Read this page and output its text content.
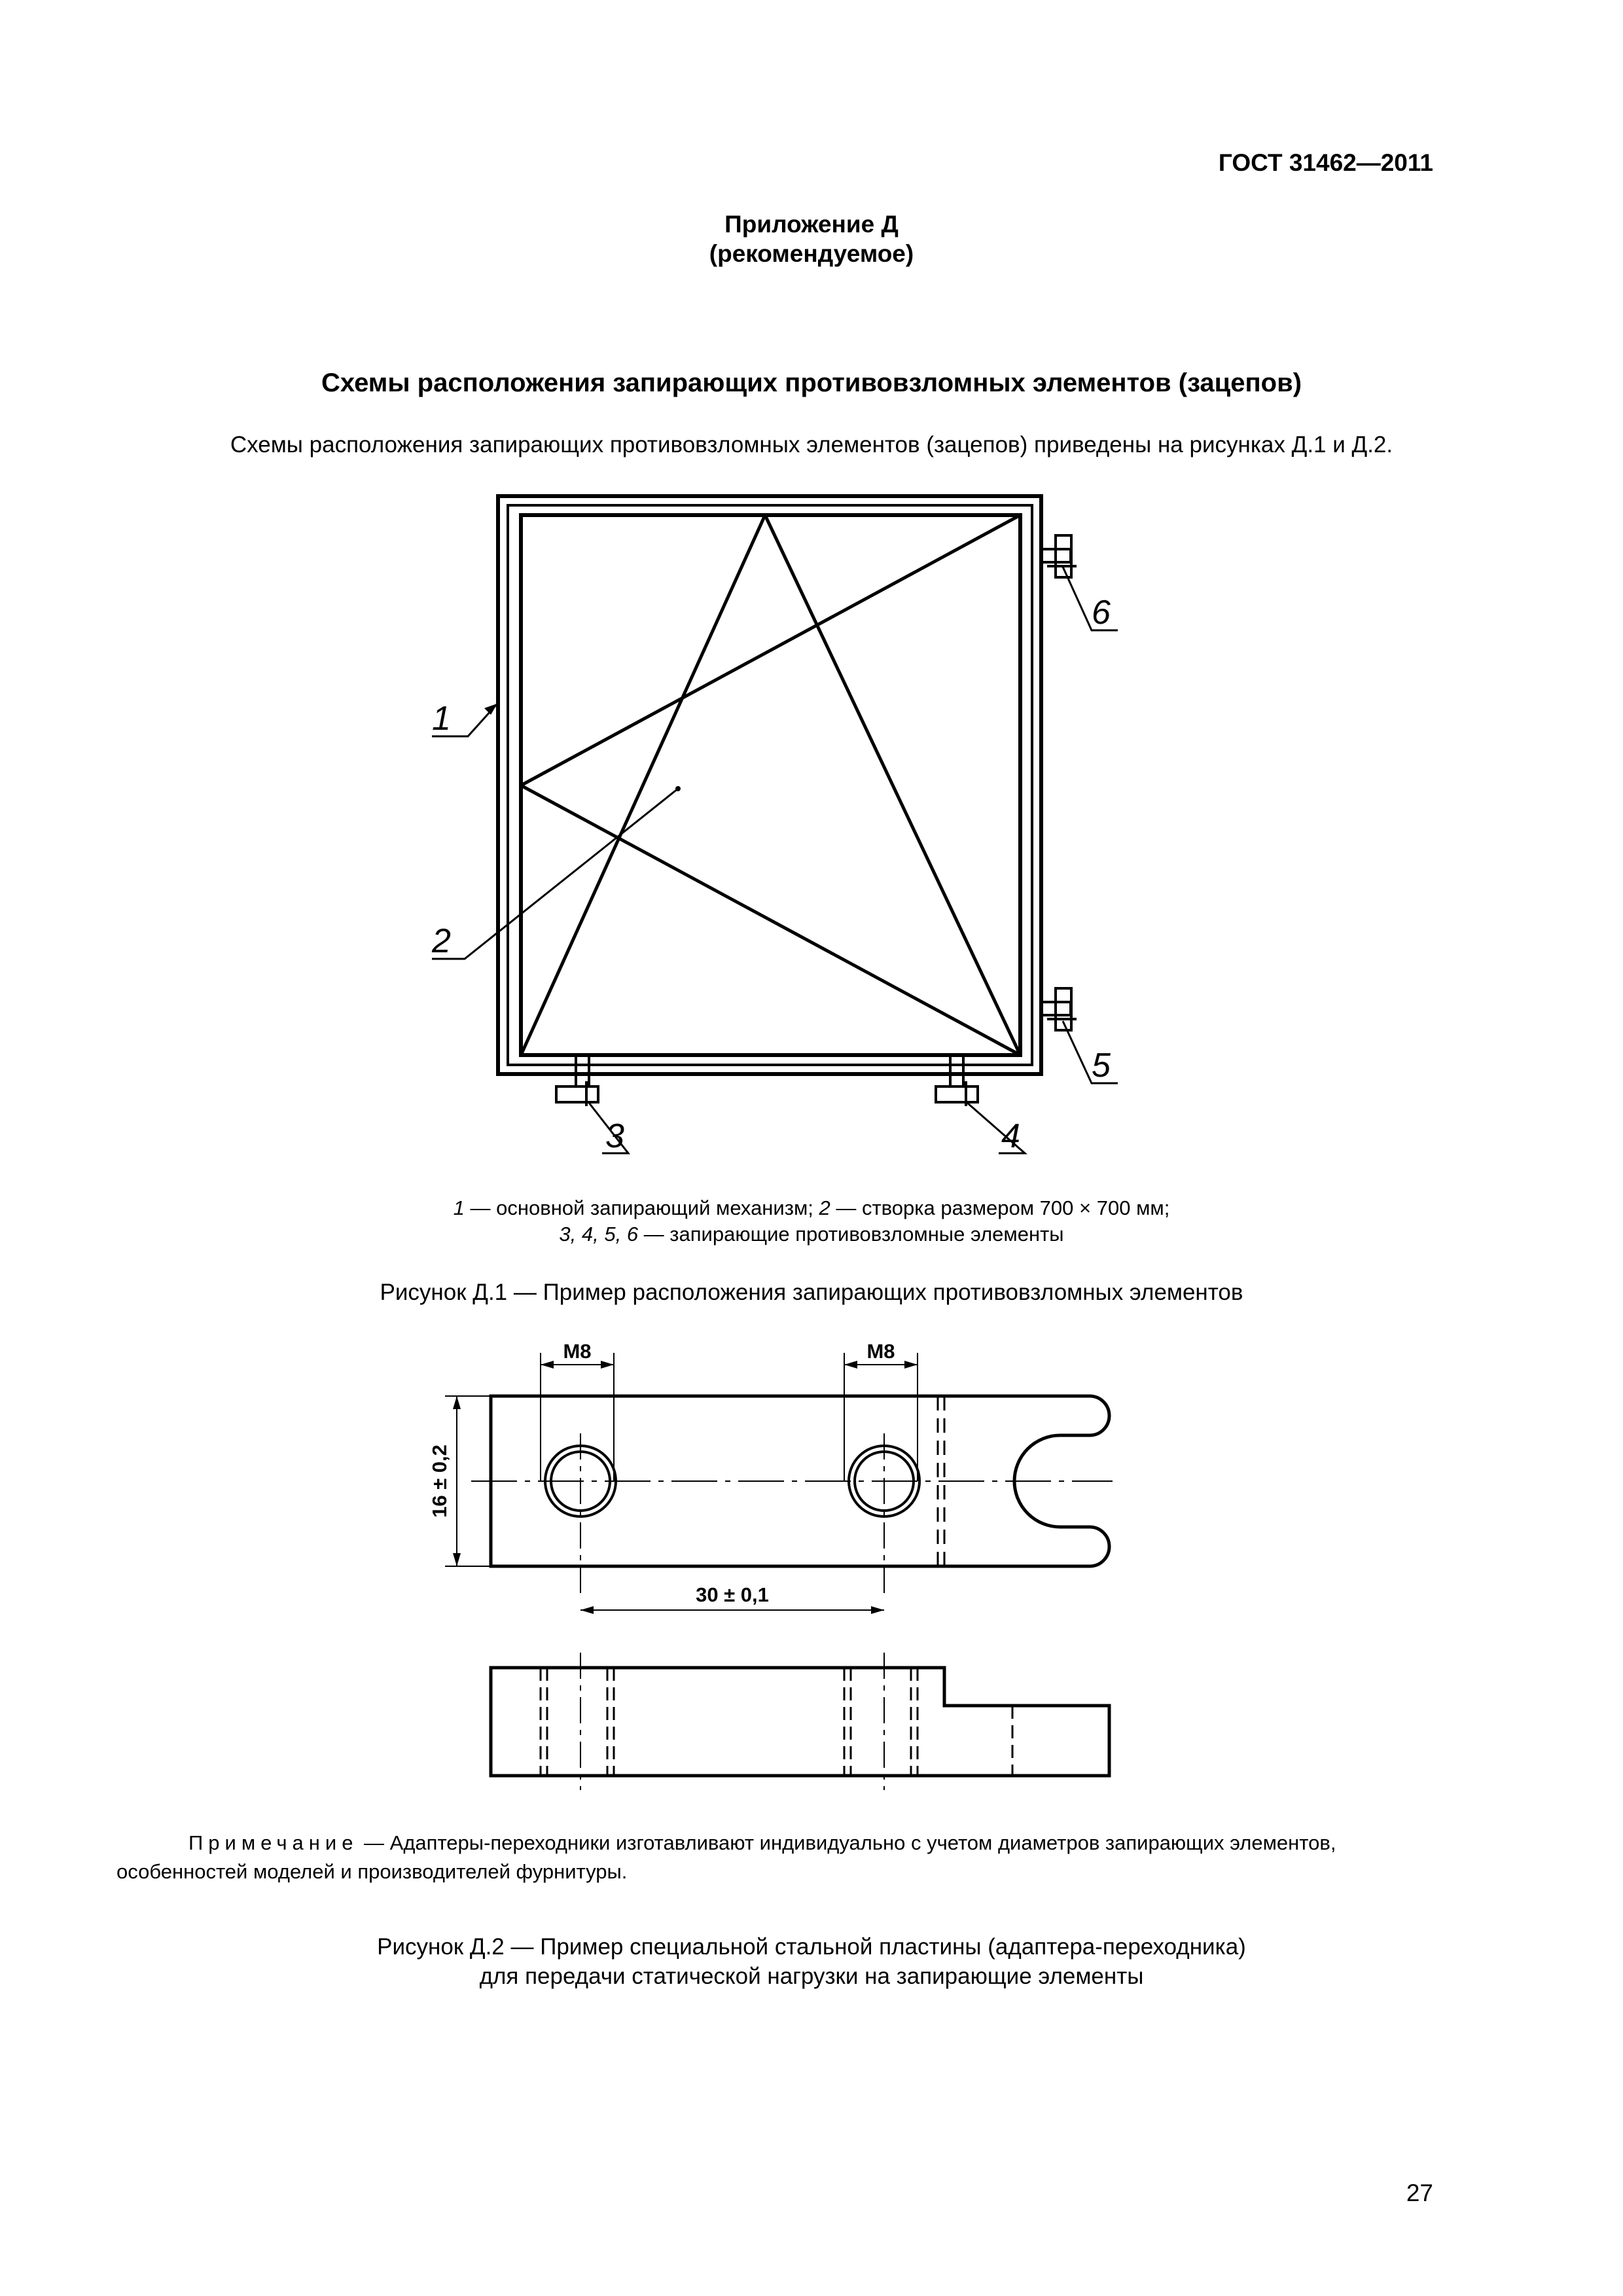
ГОСТ 31462—2011
Приложение Д
(рекомендуемое)
Схемы расположения запирающих противовзломных элементов (зацепов)
Схемы расположения запирающих противовзломных элементов (зацепов) приведены на рисунках Д.1 и Д.2.
1
2
3	4
5
6
1 — основной запирающий механизм; 2 — створка размером 700 × 700 мм;
3, 4, 5, 6 — запирающие противовзломные элементы
Рисунок Д.1 — Пример расположения запирающих противовзломных элементов
М8	М8
16 ± 0,2
30 ± 0,1
Примечание — Адаптеры-переходники изготавливают индивидуально с учетом диаметров запирающих элементов,
особенностей моделей и производителей фурнитуры.
Рисунок Д.2 — Пример специальной стальной пластины (адаптера-переходника)
для передачи статической нагрузки на запирающие элементы
27
